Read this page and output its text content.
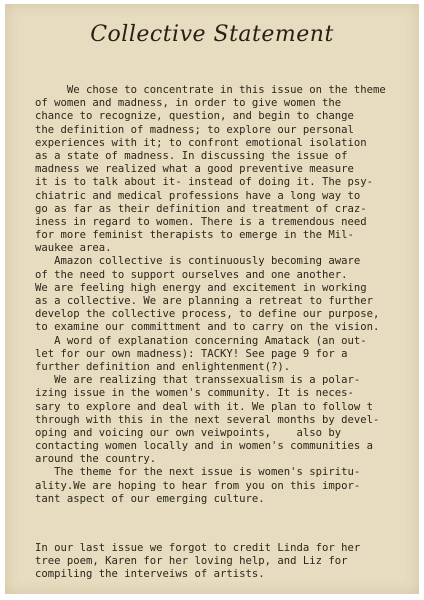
Collective Statement
We chose to concentrate in this issue on the theme
of women and madness, in order to give women the
chance to recognize, question, and begin to change
the definition of madness; to explore our personal
experiences with it; to confront emotional isolation
as a state of madness. In discussing the issue of
madness we realized what a good preventive measure
it is to talk about it- instead of doing it. The psy-
chiatric and medical professions have a long way to
go as far as their definition and treatment of craz-
iness in regard to women. There is a tremendous need
for more feminist therapists to emerge in the Mil-
waukee area.
Amazon collective is continuously becoming aware
of the need to support ourselves and one another.
We are feeling high energy and excitement in working
as a collective. We are planning a retreat to further
develop the collective process, to define our purpose,
to examine our committment and to carry on the vision.
A word of explanation concerning Amatack (an out-
let for our own madness): TACKY! See page 9 for a
further definition and enlightenment(?).
We are realizing that transsexualism is a polar-
izing issue in the women's community. It is neces-
sary to explore and deal with it. We plan to follow t
through with this in the next several months by devel-
oping and voicing our own veiwpoints,    also by
contacting women locally and in women's communities a
around the country.
The theme for the next issue is women's spiritu-
ality.We are hoping to hear from you on this impor-
tant aspect of our emerging culture.
In our last issue we forgot to credit Linda for her
tree poem, Karen for her loving help, and Liz for
compiling the interveiws of artists.
